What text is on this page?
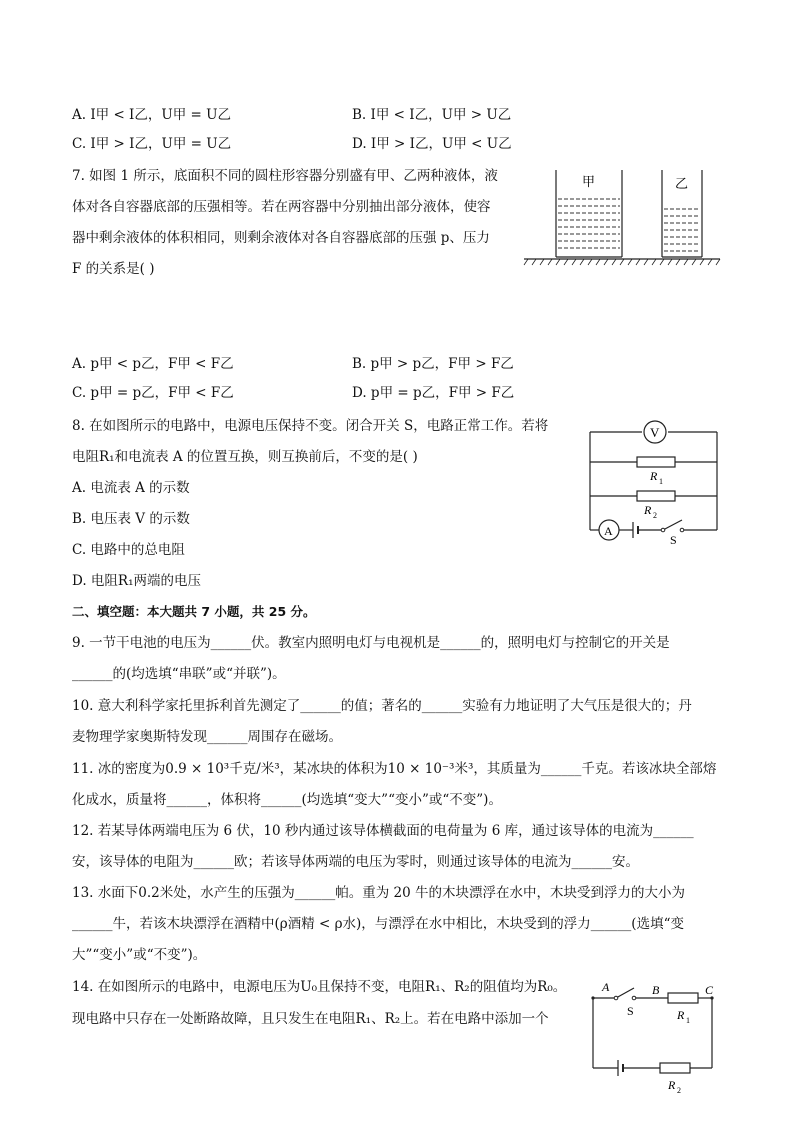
A. I甲 < I乙，U甲 = U乙	B. I甲 < I乙，U甲 > U乙
C. I甲 > I乙，U甲 = U乙	D. I甲 > I乙，U甲 < U乙
7. 如图 1 所示，底面积不同的圆柱形容器分别盛有甲、乙两种液体，液
体对各自容器底部的压强相等。若在两容器中分别抽出部分液体，使容
器中剩余液体的体积相同，则剩余液体对各自容器底部的压强 p、压力
F 的关系是( )
甲	乙
A. p甲 < p乙，F甲 < F乙	B. p甲 > p乙，F甲 > F乙
C. p甲 = p乙，F甲 < F乙	D. p甲 = p乙，F甲 > F乙
8. 在如图所示的电路中，电源电压保持不变。闭合开关 S，电路正常工作。若将
电阻R₁和电流表 A 的位置互换，则互换前后，不变的是( )
A. 电流表 A 的示数
B. 电压表 V 的示数
C. 电路中的总电阻
D. 电阻R₁两端的电压
V
A
R 1
R 2
S
二、填空题：本大题共 7 小题，共 25 分。
9. 一节干电池的电压为______伏。教室内照明电灯与电视机是______的，照明电灯与控制它的开关是
______的(均选填“串联”或“并联”)。
10. 意大利科学家托里拆利首先测定了______的值；著名的______实验有力地证明了大气压是很大的；丹
麦物理学家奥斯特发现______周围存在磁场。
11. 冰的密度为0.9 × 10³千克/米³，某冰块的体积为10 × 10⁻³米³，其质量为______千克。若该冰块全部熔
化成水，质量将______，体积将______(均选填“变大”“变小”或“不变”)。
12. 若某导体两端电压为 6 伏，10 秒内通过该导体横截面的电荷量为 6 库，通过该导体的电流为______
安，该导体的电阻为______欧；若该导体两端的电压为零时，则通过该导体的电流为______安。
13. 水面下0.2米处，水产生的压强为______帕。重为 20 牛的木块漂浮在水中，木块受到浮力的大小为
______牛，若该木块漂浮在酒精中(ρ酒精 < ρ水)，与漂浮在水中相比，木块受到的浮力______(选填“变
大”“变小”或“不变”)。
14. 在如图所示的电路中，电源电压为U₀且保持不变，电阻R₁、R₂的阻值均为R₀。
现电路中只存在一处断路故障，且只发生在电阻R₁、R₂上。若在电路中添加一个
A	B	C
S	R 1
R 2
